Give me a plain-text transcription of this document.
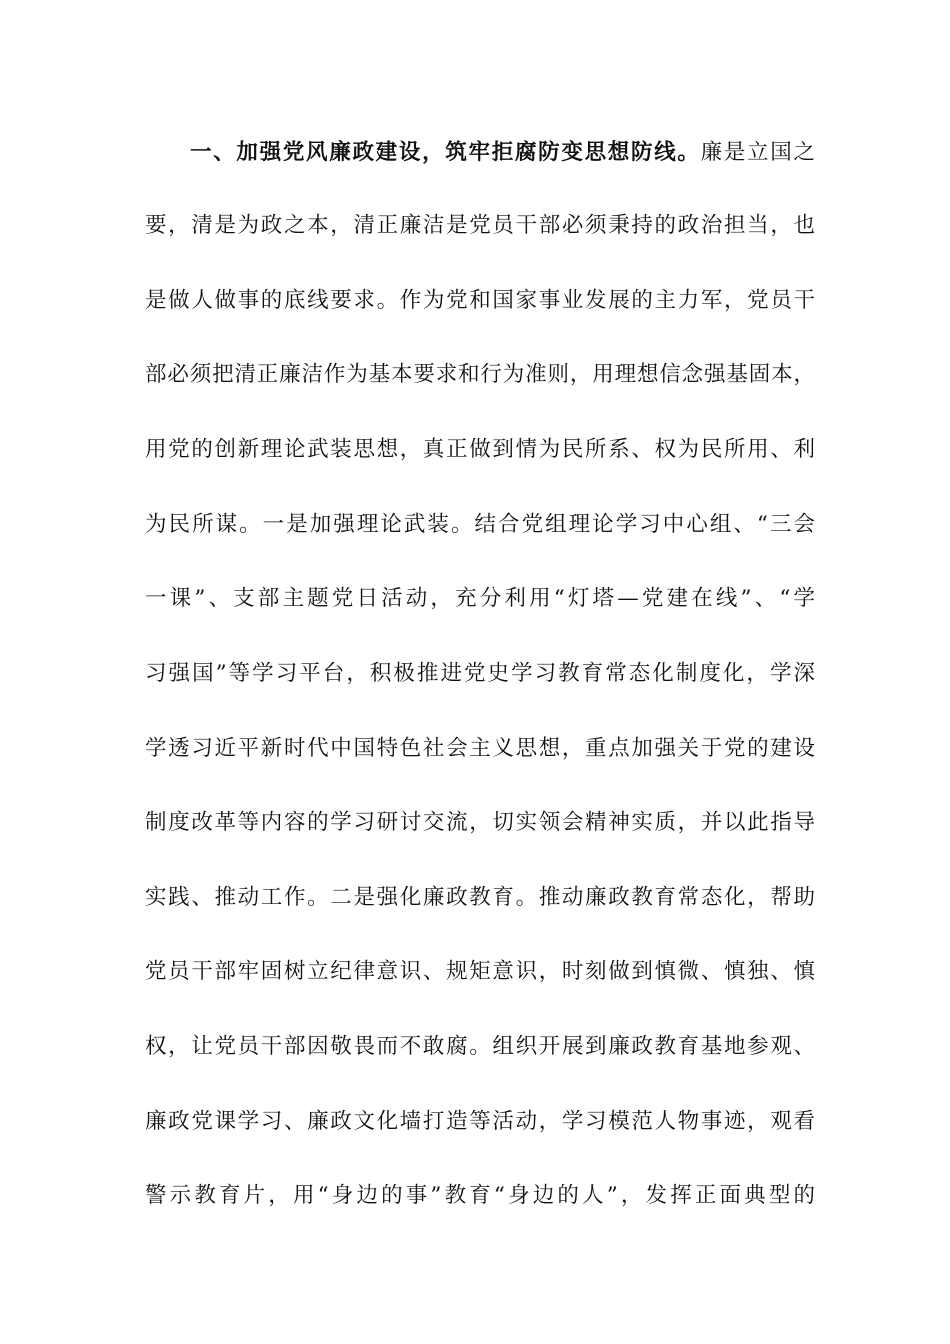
一、加强党风廉政建设，筑牢拒腐防变思想防线。廉是立国之
要，清是为政之本，清正廉洁是党员干部必须秉持的政治担当，也
是做人做事的底线要求。作为党和国家事业发展的主力军，党员干
部必须把清正廉洁作为基本要求和行为准则，用理想信念强基固本，
用党的创新理论武装思想，真正做到情为民所系、权为民所用、利
为民所谋。一是加强理论武装。结合党组理论学习中心组、“三会
一课”、支部主题党日活动，充分利用“灯塔—党建在线”、“学
习强国”等学习平台，积极推进党史学习教育常态化制度化，学深
学透习近平新时代中国特色社会主义思想，重点加强关于党的建设
制度改革等内容的学习研讨交流，切实领会精神实质，并以此指导
实践、推动工作。二是强化廉政教育。推动廉政教育常态化，帮助
党员干部牢固树立纪律意识、规矩意识，时刻做到慎微、慎独、慎
权，让党员干部因敬畏而不敢腐。组织开展到廉政教育基地参观、
廉政党课学习、廉政文化墙打造等活动，学习模范人物事迹，观看
警示教育片，用“身边的事”教育“身边的人”，发挥正面典型的
